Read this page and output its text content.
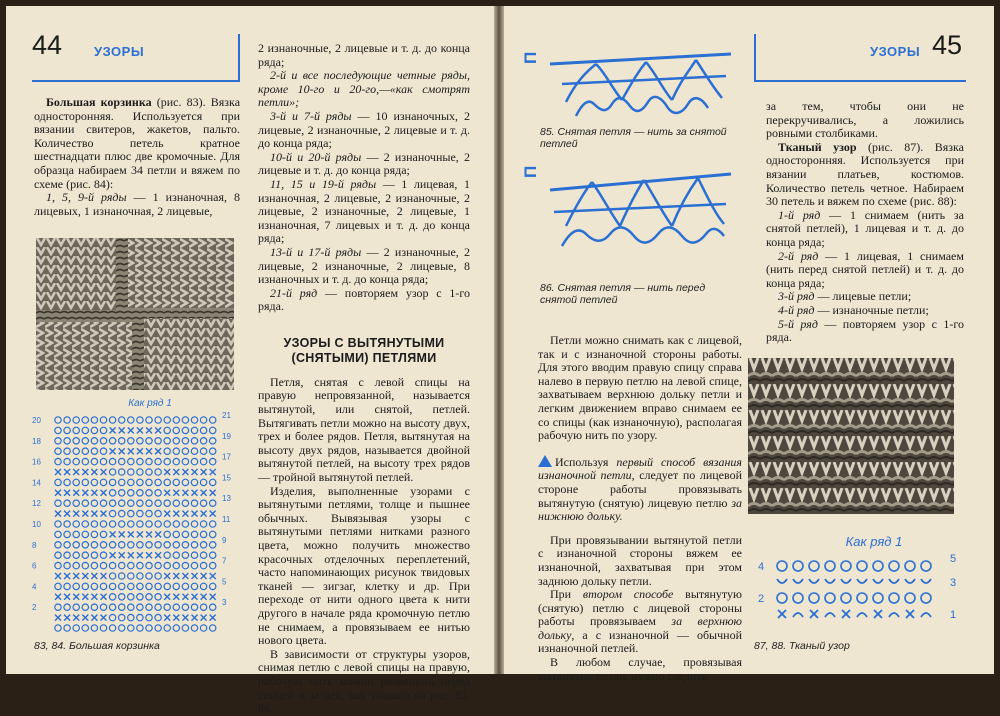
44 УЗОРЫ

Большая корзинка (рис. 83). Вязка односторонняя. Используется при вязании свитеров, жакетов, пальто. Количество петель кратное шестнадцати плюс две кромочные. Для образца набираем 34 петли и вяжем по схеме (рис. 84):

1, 5, 9-й ряды — 1 изнаночная, 8 лицевых, 1 изнаночная, 2 лицевые,

Как ряд 1
20
18
16
14
12
10
8
6
4
2
21
19
17
15
13
11
9
7
5
3
83, 84. Большая корзинка

2 изнаночные, 2 лицевые и т. д. до конца ряда;

2-й и все последующие четные ряды, кроме 10-го и 20-го,—«как смотрят петли»;

3-й и 7-й ряды — 10 изнаночных, 2 лицевые, 2 изнаночные, 2 лицевые и т. д. до конца ряда;

10-й и 20-й ряды — 2 изнаночные, 2 лицевые и т. д. до конца ряда;

11, 15 и 19-й ряды — 1 лицевая, 1 изнаночная, 2 лицевые, 2 изнаночные, 2 лицевые, 2 изнаночные, 2 лицевые, 1 изнаночная, 7 лицевых и т. д. до конца ряда;

13-й и 17-й ряды — 2 изнаночные, 2 лицевые, 2 изнаночные, 2 лицевые, 8 изнаночных и т. д. до конца ряда;

21-й ряд — повторяем узор с 1-го ряда.

УЗОРЫ С ВЫТЯНУТЫМИ (СНЯТЫМИ) ПЕТЛЯМИ

Петля, снятая с левой спицы на правую непровязанной, называется вытянутой, или снятой, петлей. Вытягивать петли можно на высоту двух, трех и более рядов. Петля, вытянутая на высоту двух рядов, называется двойной вытянутой петлей, на высоту трех рядов — тройной вытянутой петлей.

Изделия, выполненные узорами с вытянутыми петлями, толще и пышнее обычных. Вывязывая узоры с вытянутыми петлями нитками разного цвета, можно получить множество красочных отделочных переплетений, часто напоминающих рисунок твидовых тканей — зигзаг, клетку и др. При переходе от нити одного цвета к нити другого в начале ряда кромочную петлю не снимаем, а провязываем ее нитью нового цвета.

В зависимости от структуры узоров, снимая петлю с левой спицы на правую, рабочую нить можно размещать перед спицей и за ней, как указано на рис. 85, 86.

45
УЗОРЫ
П
85. Снятая петля — нить за снятой петлей
П
86. Снятая петля — нить перед снятой петлей

Петли можно снимать как с лицевой, так и с изнаночной стороны работы. Для этого вводим правую спицу справа налево в первую петлю на левой спице, захватываем верхнюю дольку петли и легким движением вправо снимаем ее со спицы (как изнаночную), располагая рабочую нить по узору.

Используя первый способ вязания изнаночной петли, следует по лицевой стороне работы провязывать вытянутую (снятую) лицевую петлю за нижнюю дольку.

При провязывании вытянутой петли с изнаночной стороны вяжем ее изнаночной, захватывая при этом заднюю дольку петли.

При втором способе вытянутую (снятую) петлю с лицевой стороны работы провязываем за верхнюю дольку, а с изнаночной — обычной изнаночной петлей.

В любом случае, провязывая вытянутые петли, нужно следить

за тем, чтобы они не перекручивались, а ложились ровными столбиками.

Тканый узор (рис. 87). Вязка односторонняя. Используется при вязании платьев, костюмов. Количество петель четное. Набираем 30 петель и вяжем по схеме (рис. 88):

1-й ряд — 1 снимаем (нить за снятой петлей), 1 лицевая и т. д. до конца ряда;

2-й ряд — 1 лицевая, 1 снимаем (нить перед снятой петлей) и т. д. до конца ряда;

3-й ряд — лицевые петли;

4-й ряд — изнаночные петли;

5-й ряд — повторяем узор с 1-го ряда.

Как ряд 1
4
2
5
3
1
87, 88. Тканый узор
